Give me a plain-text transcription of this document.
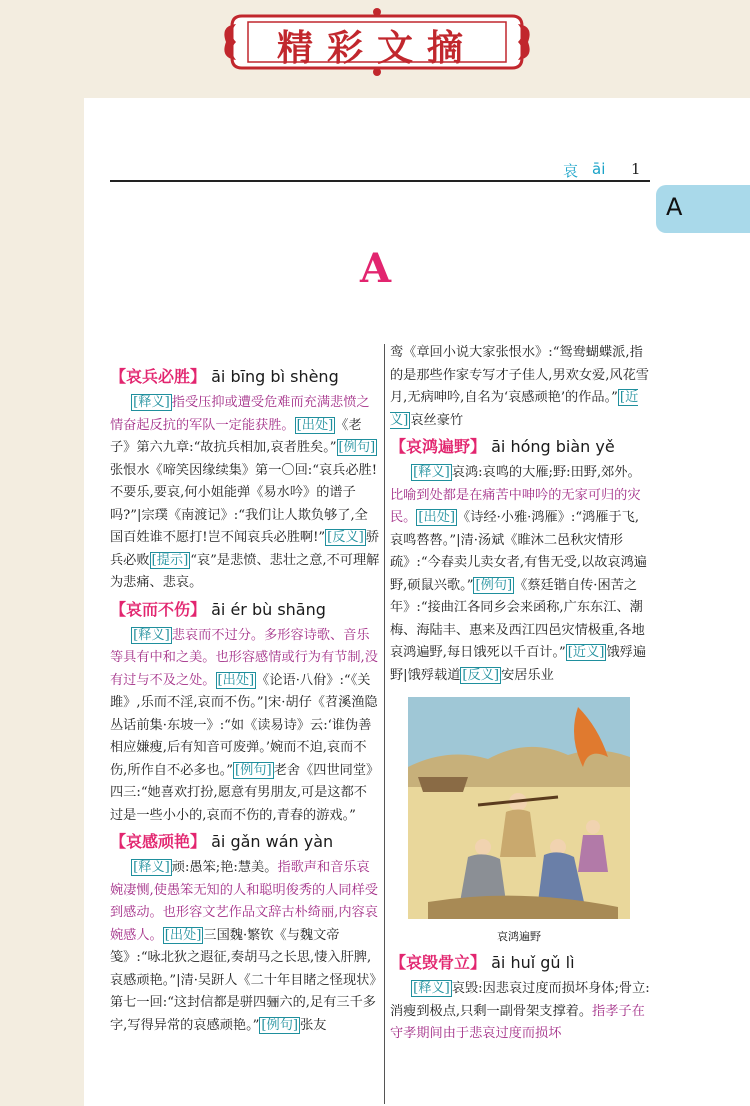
精彩文摘
哀 āi 1
A
A
【哀兵必胜】 āi bīng bì shèng

[释义] 指受压抑或遭受危难而充满悲愤之情奋起反抗的军队一定能获胜。 [出处] 《老子》第六九章:“故抗兵相加,哀者胜矣。” [例句]张恨水《啼笑因缘续集》第一〇回:“哀兵必胜!不要乐,要哀,何小姐能弹《易水吟》的谱子吗?”|宗璞《南渡记》:“我们让人欺负够了,全国百姓谁不愿打!岂不闻哀兵必胜啊!” [反义] 骄兵必败 [提示] “哀”是悲愤、悲壮之意,不可理解为悲痛、悲哀。

【哀而不伤】 āi ér bù shāng

[释义] 悲哀而不过分。多形容诗歌、音乐等具有中和之美。也形容感情或行为有节制,没有过与不及之处。 [出处] 《论语·八佾》:“《关雎》,乐而不淫,哀而不伤。”|宋·胡仔《苕溪渔隐丛话前集·东坡一》:“如《读易诗》云:‘谁伪善相应嫌瘦,后有知音可废弹。’婉而不迫,哀而不伤,所作自不必多也。” [例句] 老舍《四世同堂》四三:“她喜欢打扮,愿意有男朋友,可是这都不过是一些小小的,哀而不伤的,青春的游戏。”

【哀感顽艳】 āi gǎn wán yàn

[释义] 顽:愚笨;艳:慧美。指歌声和音乐哀婉凄恻,使愚笨无知的人和聪明俊秀的人同样受到感动。也形容文艺作品文辞古朴绮丽,内容哀婉感人。 [出处] 三国魏·繁钦《与魏文帝笺》:“咏北狄之遐征,奏胡马之长思,悽入肝脾,哀感顽艳。”|清·吴趼人《二十年目睹之怪现状》第七一回:“这封信都是骈四骊六的,足有三千多字,写得异常的哀感顽艳。” [例句] 张友

鸾《章回小说大家张恨水》:“鸳鸯蝴蝶派,指的是那些作家专写才子佳人,男欢女爱,风花雪月,无病呻吟,自名为‘哀感顽艳’的作品。” [近义] 哀丝豪竹

【哀鸿遍野】 āi hóng biàn yě

[释义] 哀鸿:哀鸣的大雁;野:田野,郊外。比喻到处都是在痛苦中呻吟的无家可归的灾民。 [出处] 《诗经·小雅·鸿雁》:“鸿雁于飞,哀鸣嗸嗸。”|清·汤斌《睢沐二邑秋灾情形疏》:“今春卖儿卖女者,有售无受,以故哀鸿遍野,硕鼠兴歌。” [例句] 《蔡廷锴自传·困苦之年》:“接曲江各同乡会来函称,广东东江、潮梅、海陆丰、惠来及西江四邑灾情极重,各地哀鸿遍野,每日饿死以千百计。” [近义] 饿殍遍野|饿殍载道 [反义] 安居乐业

哀鸿遍野
【哀毁骨立】 āi huǐ gǔ lì

[释义] 哀毁:因悲哀过度而损坏身体;骨立:消瘦到极点,只剩一副骨架支撑着。指孝子在守孝期间由于悲哀过度而损坏
